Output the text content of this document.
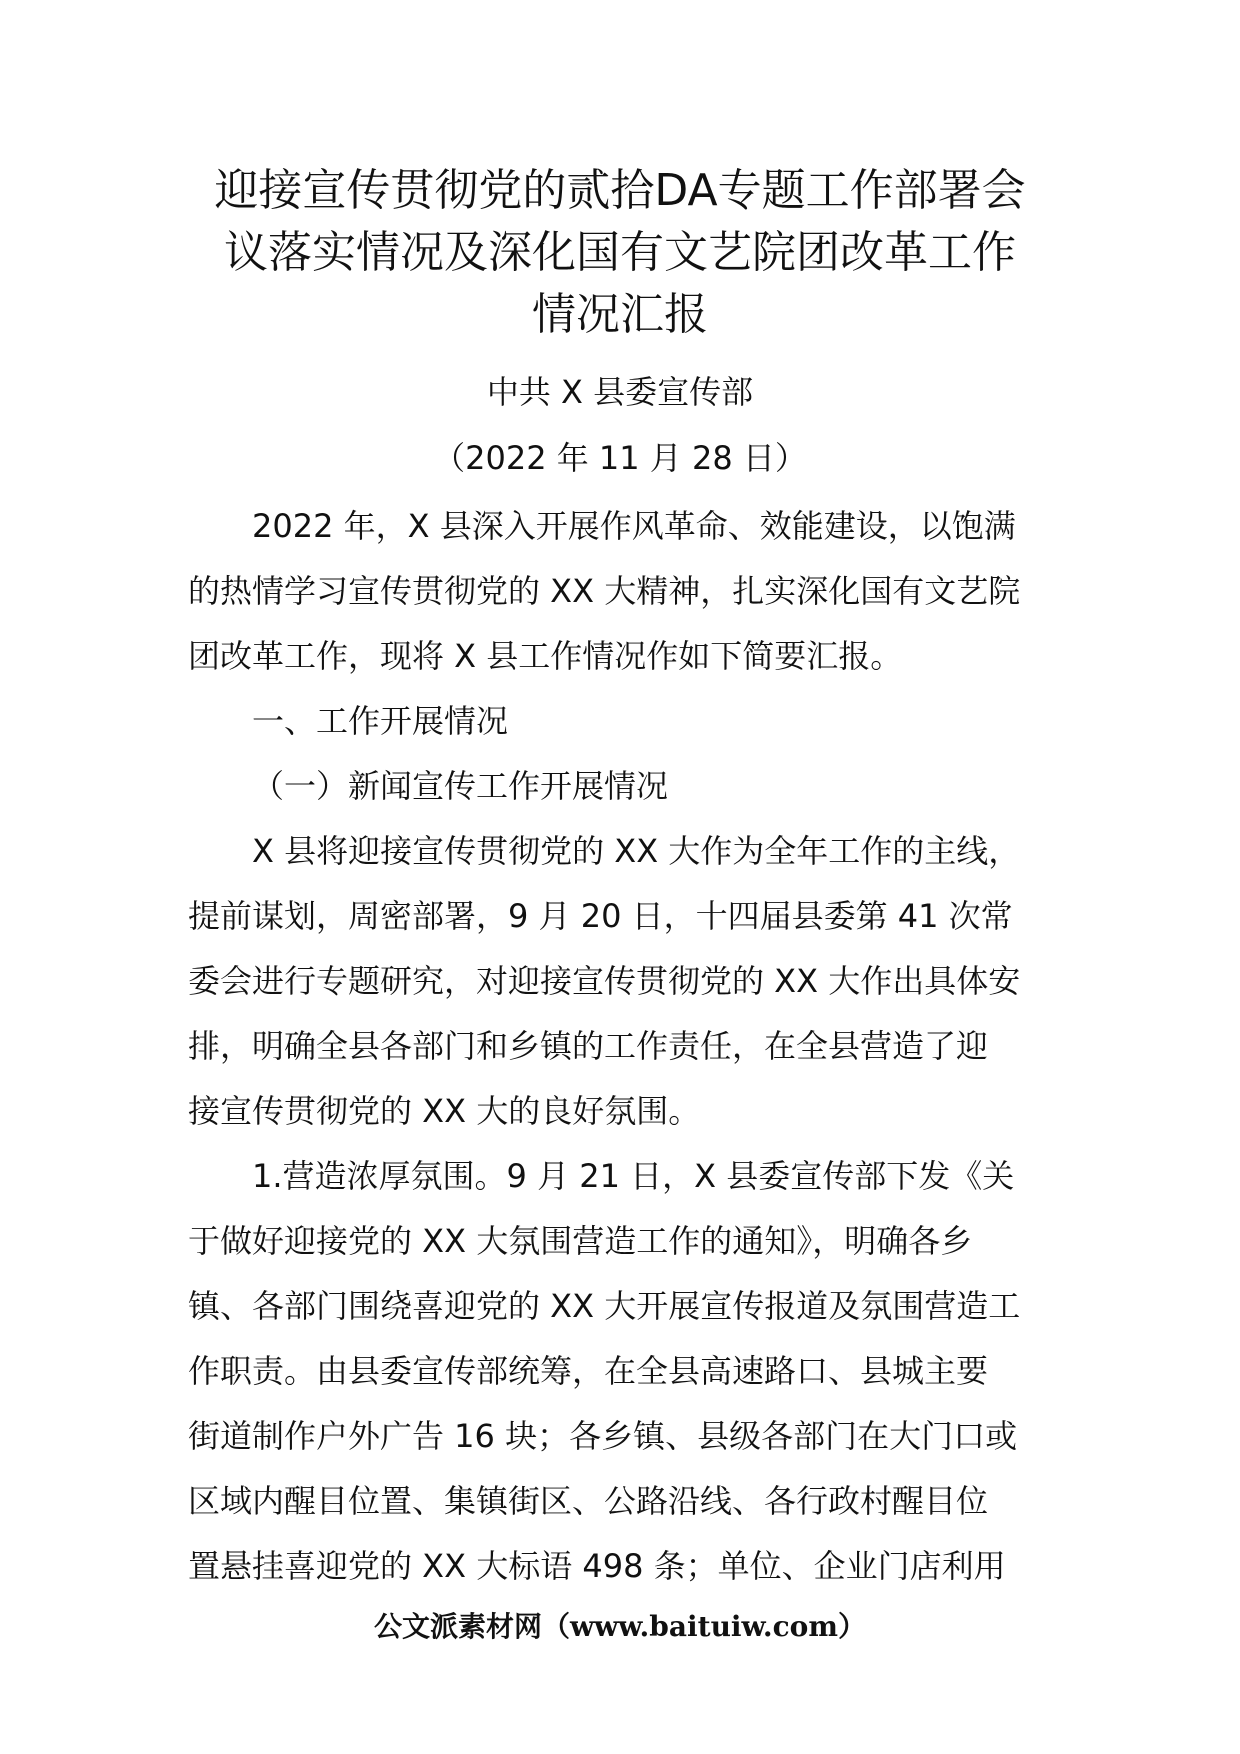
迎接宣传贯彻党的贰拾DA专题工作部署会
议落实情况及深化国有文艺院团改革工作
情况汇报
中共 X 县委宣传部
（2022 年 11 月 28 日）
2022 年，X 县深入开展作风革命、效能建设，以饱满
的热情学习宣传贯彻党的 XX 大精神，扎实深化国有文艺院
团改革工作，现将 X 县工作情况作如下简要汇报。
一、工作开展情况
（一）新闻宣传工作开展情况
X 县将迎接宣传贯彻党的 XX 大作为全年工作的主线，
提前谋划，周密部署，9 月 20 日，十四届县委第 41 次常
委会进行专题研究，对迎接宣传贯彻党的 XX 大作出具体安
排，明确全县各部门和乡镇的工作责任，在全县营造了迎
接宣传贯彻党的 XX 大的良好氛围。
1.营造浓厚氛围。9 月 21 日，X 县委宣传部下发《关
于做好迎接党的 XX 大氛围营造工作的通知》，明确各乡
镇、各部门围绕喜迎党的 XX 大开展宣传报道及氛围营造工
作职责。由县委宣传部统筹，在全县高速路口、县城主要
街道制作户外广告 16 块；各乡镇、县级各部门在大门口或
区域内醒目位置、集镇街区、公路沿线、各行政村醒目位
置悬挂喜迎党的 XX 大标语 498 条；单位、企业门店利用
公文派素材网（www.baituiw.com）
